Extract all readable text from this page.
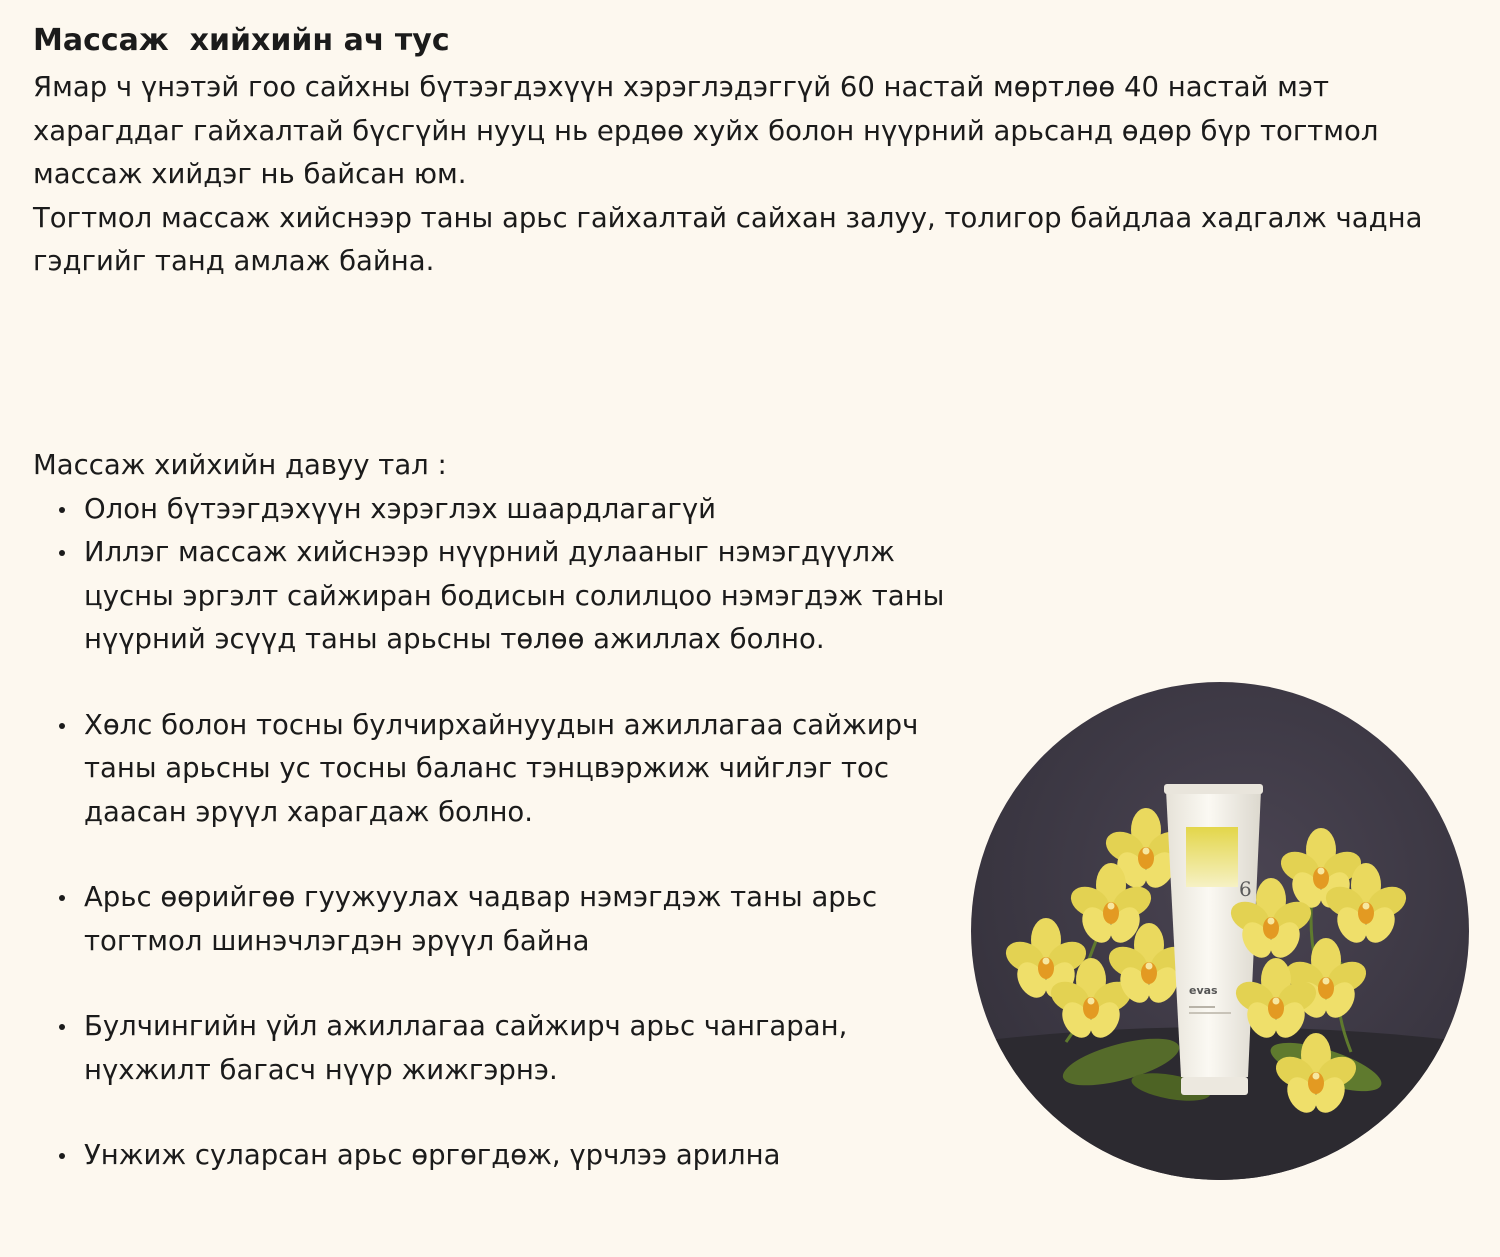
Массаж  хийхийн ач тус

Ямар ч үнэтэй гоо сайхны бүтээгдэхүүн хэрэглэдэггүй 60 настай мөртлөө 40 настай мэт харагддаг гайхалтай бүсгүйн нууц нь ердөө хуйх болон нүүрний арьсанд өдөр бүр тогтмол массаж хийдэг нь байсан юм.

Тогтмол массаж хийснээр таны арьс гайхалтай сайхан залуу, толигор байдлаа хадгалж чадна гэдгийг танд амлаж байна.

Массаж хийхийн давуу тал :

Олон бүтээгдэхүүн хэрэглэх шаардлагагүй
Иллэг массаж хийснээр нүүрний дулааныг нэмэгдүүлж цусны эргэлт сайжиран бодисын солилцоо нэмэгдэж таны нүүрний эсүүд таны арьсны төлөө ажиллах болно.
Хөлс болон тосны булчирхайнуудын ажиллагаа сайжирч таны арьсны ус тосны баланс тэнцвэржиж чийглэг тос даасан эрүүл харагдаж болно.
Арьс өөрийгөө гуужуулах чадвар нэмэгдэж таны арьс тогтмол шинэчлэгдэн эрүүл байна
Булчингийн үйл ажиллагаа сайжирч арьс чангаран, нүхжилт багасч нүүр жижгэрнэ.
Унжиж суларсан арьс өргөгдөж, үрчлээ арилна
6
evas
